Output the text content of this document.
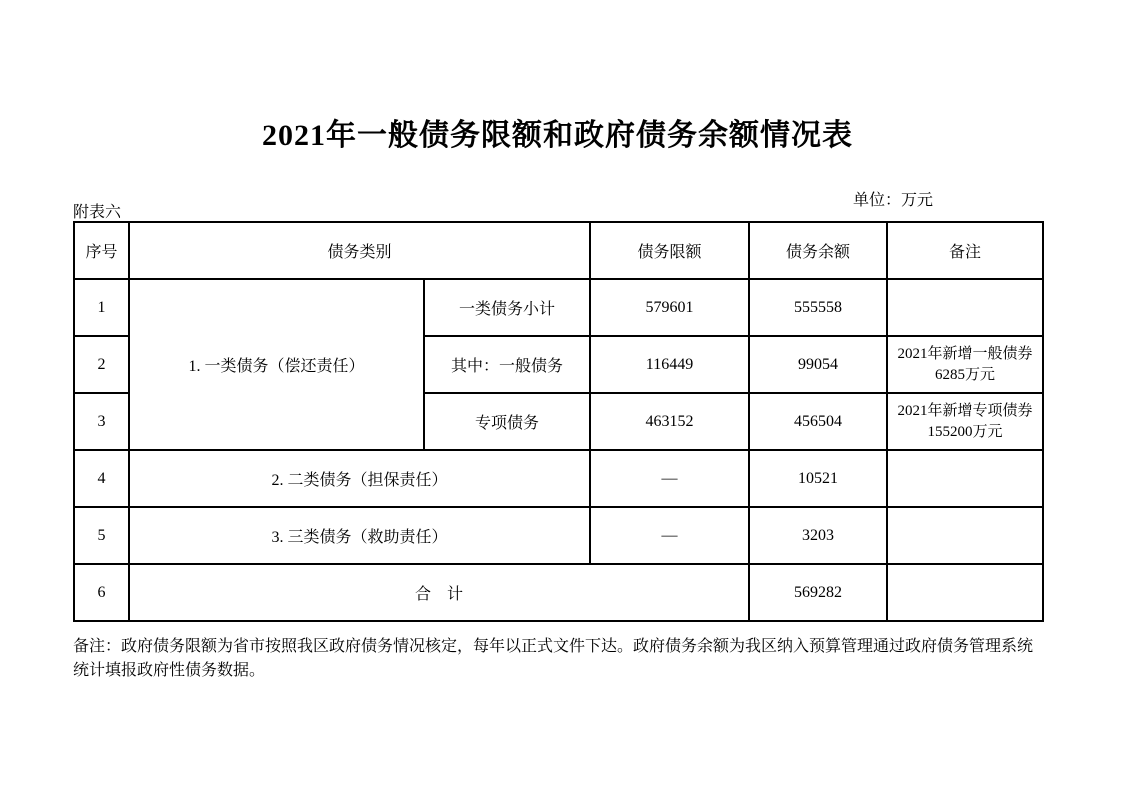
2021年一般债务限额和政府债务余额情况表
单位：万元
附表六
序号	债务类别		债务限额	债务余额	备注
1	1. 一类债务（偿还责任）	一类债务小计	579601	555558	
2		其中：一般债务	116449	99054	2021年新增一般债券6285万元
3		专项债务	463152	456504	2021年新增专项债券155200万元
4	2. 二类债务（担保责任）		—	10521	
5	3. 三类债务（救助责任）		—	3203	
6	合　计			569282	
备注：政府债务限额为省市按照我区政府债务情况核定，每年以正式文件下达。政府债务余额为我区纳入预算管理通过政府债务管理系统
统计填报政府性债务数据。
